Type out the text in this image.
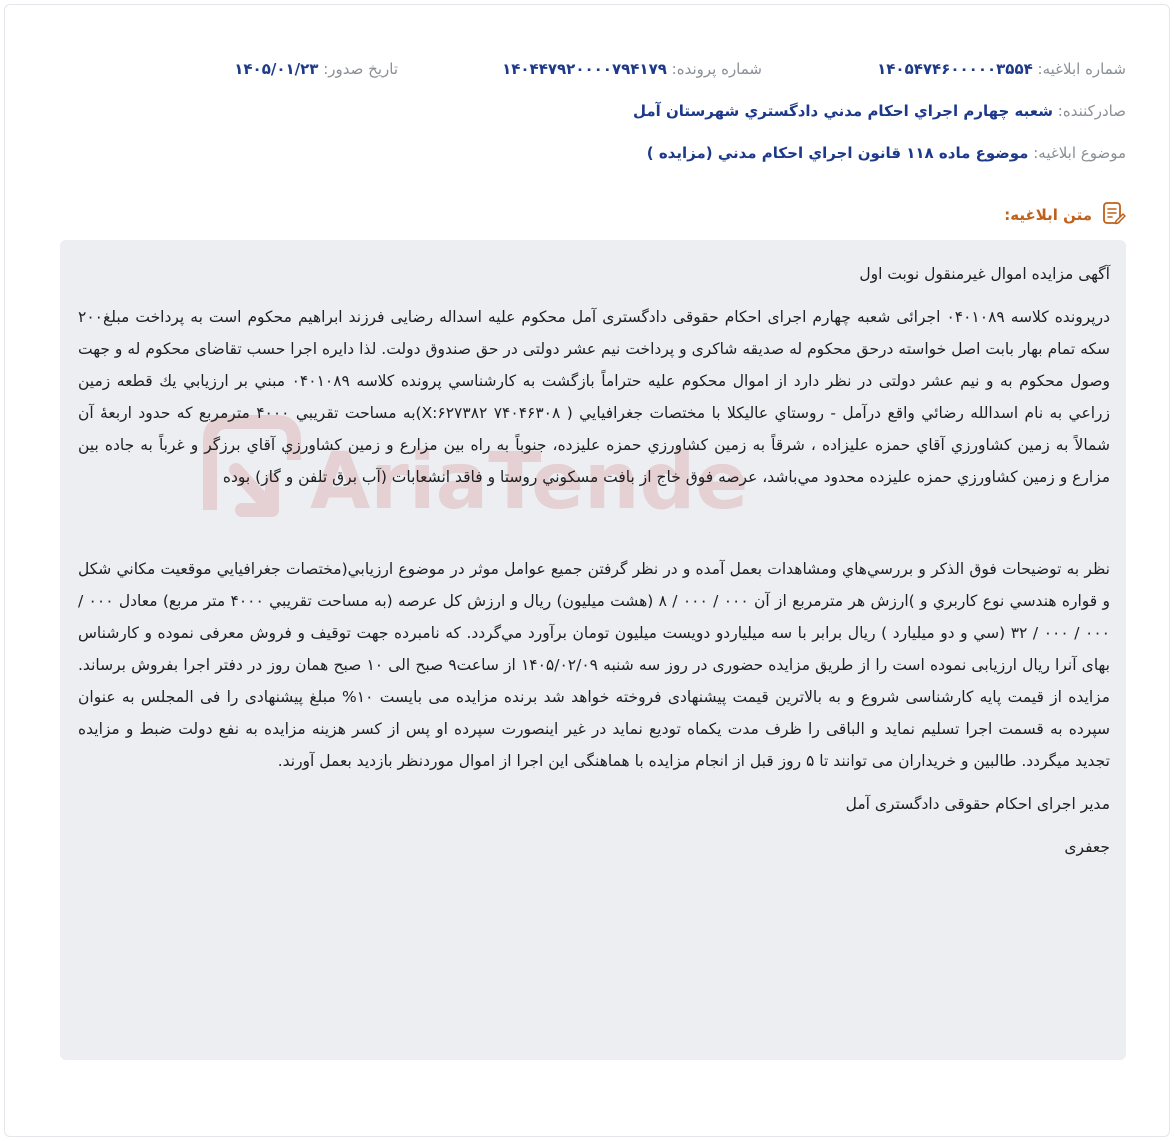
شماره ابلاغیه: ۱۴۰۵۴۷۴۶۰۰۰۰۰۳۵۵۴
شماره پرونده: ۱۴۰۴۴۷۹۲۰۰۰۰۷۹۴۱۷۹
تاریخ صدور: ۱۴۰۵/۰۱/۲۳
صادرکننده: شعبه چهارم اجراي احكام مدني دادگستري شهرستان آمل
موضوع ابلاغیه: موضوع ماده ۱۱۸ قانون اجراي احكام مدني (مزايده )
متن ابلاغیه:

آگهی مزایده اموال غیرمنقول نوبت اول

درپرونده کلاسه ۰۴۰۱۰۸۹ اجرائی شعبه چهارم اجرای احکام حقوقی دادگستری آمل محکوم علیه اسداله رضایی فرزند ابراهیم محکوم است به پرداخت مبلغ۲۰۰ سکه تمام بهار بابت اصل خواسته درحق محکوم له صدیقه شاکری و پرداخت نیم عشر دولتی در حق صندوق دولت. لذا دایره اجرا حسب تقاضای محکوم له و جهت وصول محکوم به و نیم عشر دولتی در نظر دارد از اموال محکوم علیه حتراماً بازگشت به كارشناسي پرونده كلاسه ۰۴۰۱۰۸۹ مبني بر ارزيابي يك قطعه زمين زراعي به نام اسدالله رضائي واقع درآمل - روستاي عاليكلا با مختصات جغرافيايي ( X:۶۲۷۳۸۲ ۷۴۰۴۶۳۰۸)به مساحت تقريبي ۴۰۰۰ مترمربع كه حدود اربعهٔ آن شمالاً به زمين كشاورزي آقاي حمزه عليزاده ، شرقاً به زمين كشاورزي حمزه عليزده، جنوباً به راه بين مزارع و زمين كشاورزي آقاي برزگر و غرباً به جاده بين مزارع و زمين كشاورزي حمزه عليزده محدود مي‌باشد، عرصه فوق خاج از بافت مسكوني روستا و فاقد انشعابات (آب برق تلفن و گاز) بوده

نظر به توضيحات فوق الذكر و بررسي‌هاي ومشاهدات بعمل آمده و در نظر گرفتن جميع عوامل موثر در موضوع ارزيابي(مختصات جغرافيايي موقعيت مكاني شكل و قواره هندسي نوع كاربري و )ارزش هر مترمربع از آن ۰۰۰ / ۰۰۰ / ۸ (هشت ميليون) ريال و ارزش كل عرصه (به مساحت تقريبي ۴۰۰۰ متر مربع) معادل ۰۰۰ / ۰۰۰ / ۰۰۰ / ۳۲ (سي و دو ميليارد ) ريال برابر با سه ميلياردو دويست ميليون تومان برآورد مي‌گردد. كه نامبرده جهت توقیف و فروش معرفی نموده و کارشناس بهای آنرا ریال ارزیابی نموده است را از طریق مزایده حضوری در روز سه شنبه ۱۴۰۵/۰۲/۰۹ از ساعت۹ صبح الی ۱۰ صبح همان روز در دفتر اجرا بفروش برساند. مزایده از قیمت پایه کارشناسی شروع و به بالاترین قیمت پیشنهادی فروخته خواهد شد برنده مزایده می بایست ۱۰% مبلغ پیشنهادی را فی المجلس به عنوان سپرده به قسمت اجرا تسلیم نماید و الباقی را ظرف مدت یکماه تودیع نماید در غیر اینصورت سپرده او پس از کسر هزینه مزایده به نفع دولت ضبط و مزایده تجدید میگردد. طالبین و خریداران می توانند تا ۵ روز قبل از انجام مزایده با هماهنگی این اجرا از اموال موردنظر بازدید بعمل آورند.

مدیر اجرای احکام حقوقی دادگستری آمل

جعفری
